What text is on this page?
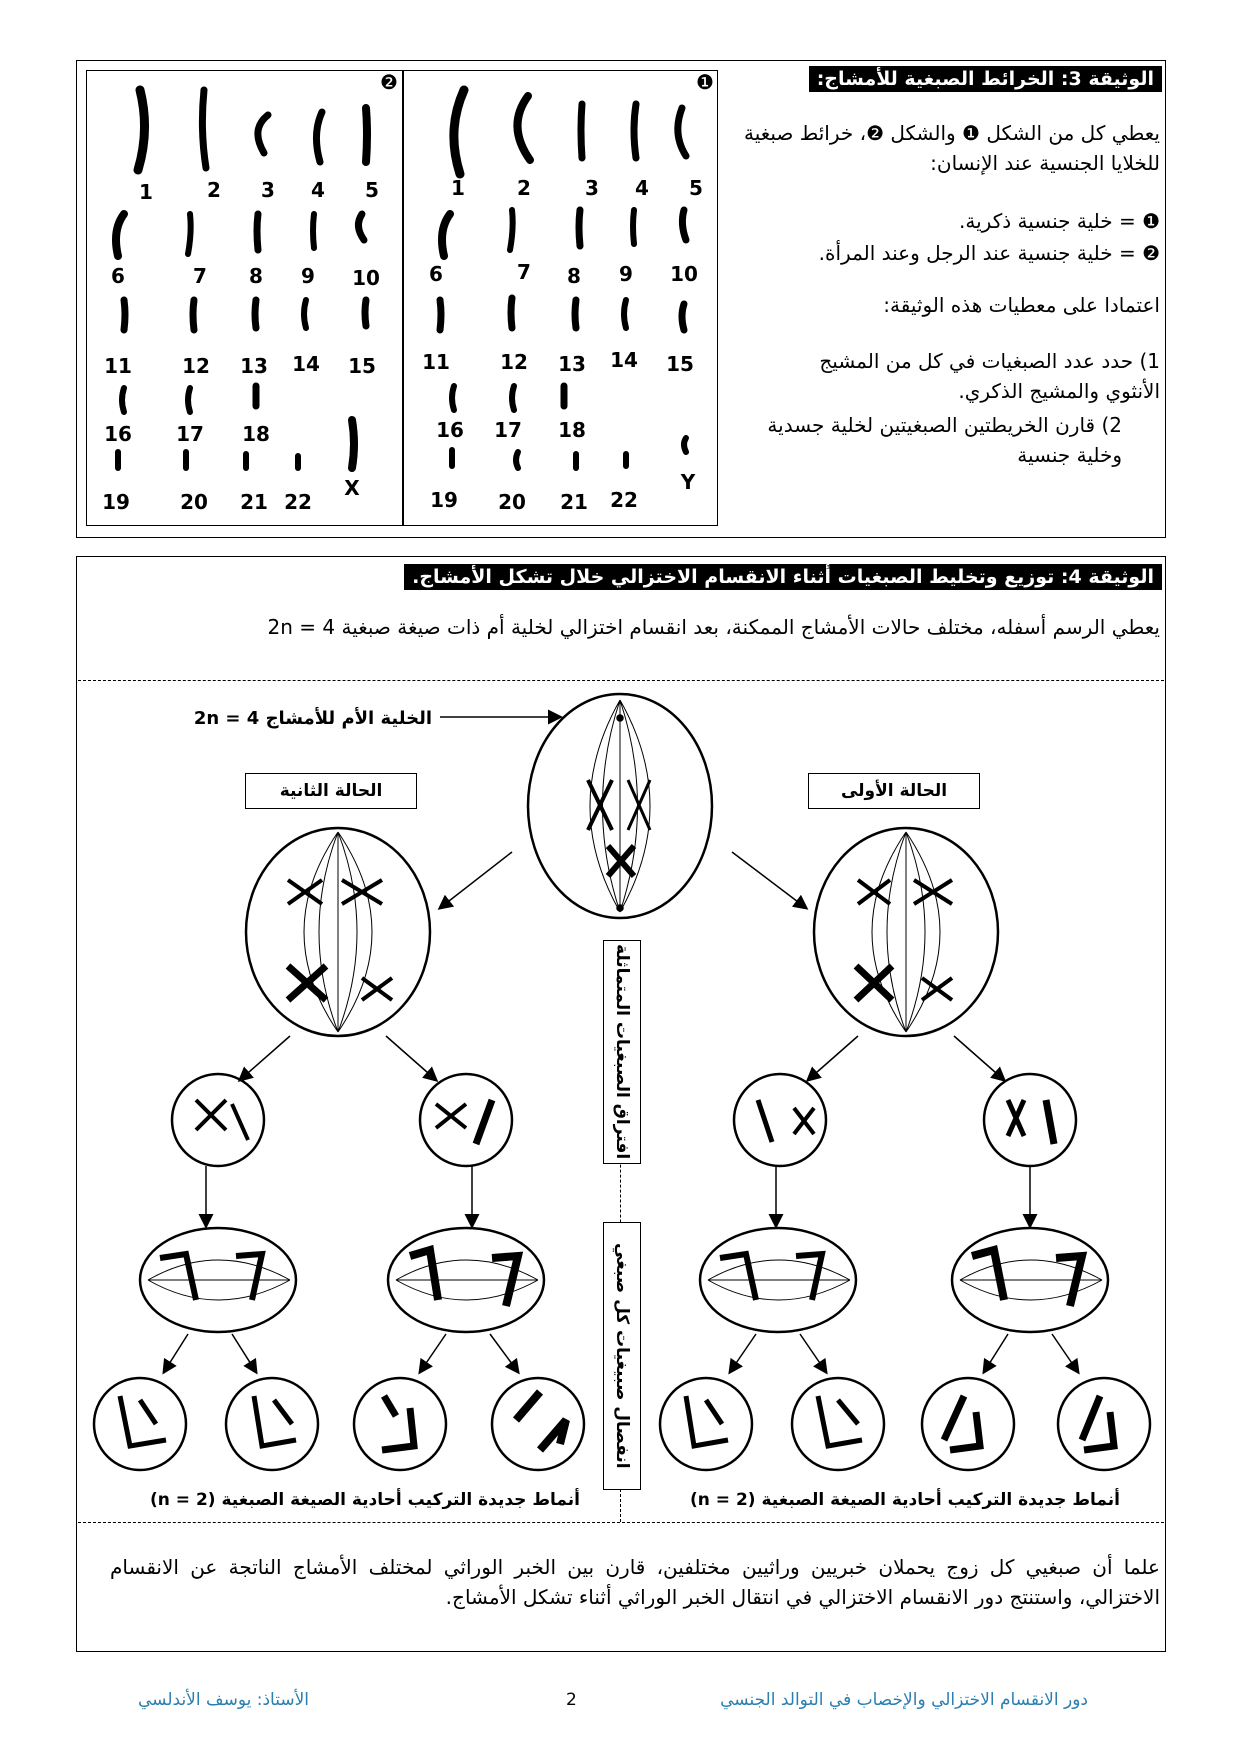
الوثيقة 3: الخرائط الصبغية للأمشاج:
يعطي كل من الشكل ❶ والشكل ❷، خرائط صبغية للخلايا الجنسية عند الإنسان:
❶ = خلية جنسية ذكرية.
❷ = خلية جنسية عند الرجل وعند المرأة.
اعتمادا على معطيات هذه الوثيقة:
1) حدد عدد الصبغيات في كل من المشيج الأنثوي والمشيج الذكري.
2) قارن الخريطتين الصبغيتين لخلية جسدية وخلية جنسية
❶
❷
1	2	3	4	5
6	7	8	9	10
11	12	13	14	15
16	17	18
19	20	21 22
X
1	2	3	4	5
6	7	8	9	10
11	12	13	14	15
16	17	18
19	20	21	22
Y
الوثيقة 4: توزيع وتخليط الصبغيات أثناء الانقسام الاختزالي خلال تشكل الأمشاج.
يعطي الرسم أسفله، مختلف حالات الأمشاج الممكنة، بعد انقسام اختزالي لخلية أم ذات صيغة صبغية 2n = 4
الخلية الأم للأمشاج 2n = 4
الحالة الثانية	الحالة الأولى
افتراق الصبغيات المتماثلة
انفصال صبيغيات كل صبغي
أنماط جديدة التركيب أحادية الصيغة الصبغية (n = 2)	أنماط جديدة التركيب أحادية الصيغة الصبغية (n = 2)
علما أن صبغيي كل زوج يحملان خبريين وراثيين مختلفين، قارن بين الخبر الوراثي لمختلف الأمشاج الناتجة عن الانقسام الاختزالي، واستنتج دور الانقسام الاختزالي في انتقال الخبر الوراثي أثناء تشكل الأمشاج.
دور الانقسام الاختزالي والإخصاب في التوالد الجنسي
2
الأستاذ: يوسف الأندلسي
